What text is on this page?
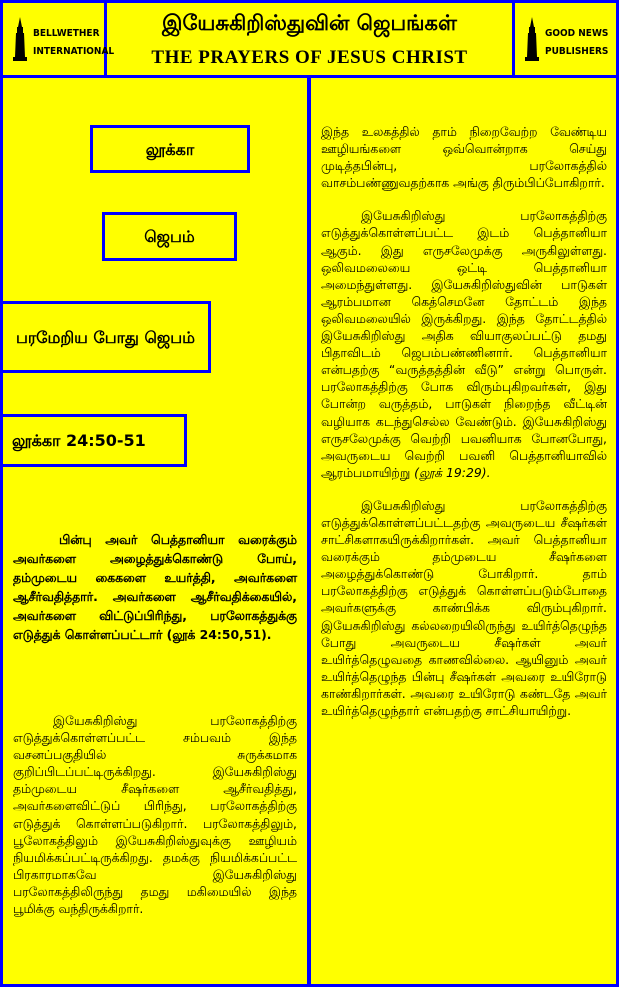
BELLWETHER
INTERNATIONAL
இயேசுகிறிஸ்துவின் ஜெபங்கள்
THE PRAYERS OF JESUS CHRIST
GOOD NEWS
PUBLISHERS
லூக்கா
ஜெபம்
பரமேறிய போது ஜெபம்
லூக்கா 24:50-51
பின்பு அவர் பெத்தானியா வரைக்கும் அவர்களை அழைத்துக்கொண்டு போய், தம்முடைய கைகளை உயர்த்தி, அவர்களை ஆசீர்வதித்தார். அவர்களை ஆசீர்வதிக்கையில், அவர்களை விட்டுப்பிரிந்து, பரலோகத்துக்கு எடுத்துக் கொள்ளப்பட்டார் (லூக் 24:50,51).
இயேசுகிறிஸ்து பரலோகத்திற்கு எடுத்துக்கொள்ளப்பட்ட சம்பவம் இந்த வசனப்பகுதியில் சுருக்கமாக குறிப்பிடப்பட்டிருக்கிறது. இயேசுகிறிஸ்து தம்முடைய சீஷர்களை ஆசீர்வதித்து, அவர்களைவிட்டுப் பிரிந்து, பரலோகத்திற்கு எடுத்துக் கொள்ளப்படுகிறார். பரலோகத்திலும், பூலோகத்திலும் இயேசுகிறிஸ்துவுக்கு ஊழியம் நியமிக்கப்பட்டிருக்கிறது. தமக்கு நியமிக்கப்பட்ட பிரகாரமாகவே இயேசுகிறிஸ்து பரலோகத்திலிருந்து தமது மகிமையில் இந்த பூமிக்கு வந்திருக்கிறார்.

இந்த உலகத்தில் தாம் நிறைவேற்ற வேண்டிய ஊழியங்களை ஒவ்வொன்றாக செய்து முடித்தபின்பு, பரலோகத்தில் வாசம்பண்ணுவதற்காக அங்கு திரும்பிப்போகிறார்.

இயேசுகிறிஸ்து பரலோகத்திற்கு எடுத்துக்கொள்ளப்பட்ட இடம் பெத்தானியா ஆகும். இது எருசலேமுக்கு அருகிலுள்ளது. ஒலிவமலையை ஒட்டி பெத்தானியா அமைந்துள்ளது. இயேசுகிறிஸ்துவின் பாடுகள் ஆரம்பமான கெத்செமனே தோட்டம் இந்த ஒலிவமலையில் இருக்கிறது. இந்த தோட்டத்தில் இயேசுகிறிஸ்து அதிக வியாகுலப்பட்டு தமது பிதாவிடம் ஜெபம்பண்ணினார். பெத்தானியா என்பதற்கு “வருத்தத்தின் வீடு” என்று பொருள். பரலோகத்திற்கு போக விரும்புகிறவர்கள், இது போன்ற வருத்தம், பாடுகள் நிறைந்த வீட்டின் வழியாக கடந்துசெல்ல வேண்டும். இயேசுகிறிஸ்து எருசலேமுக்கு வெற்றி பவனியாக போனபோது, அவருடைய வெற்றி பவனி பெத்தானியாவில் ஆரம்பமாயிற்று (லூக் 19:29).

இயேசுகிறிஸ்து பரலோகத்திற்கு எடுத்துக்கொள்ளப்பட்டதற்கு அவருடைய சீஷர்கள் சாட்சிகளாகயிருக்கிறார்கள். அவர் பெத்தானியா வரைக்கும் தம்முடைய சீஷர்களை அழைத்துக்கொண்டு போகிறார். தாம் பரலோகத்திற்கு எடுத்துக் கொள்ளப்படும்போதை அவர்களுக்கு காண்பிக்க விரும்புகிறார். இயேசுகிறிஸ்து கல்லறையிலிருந்து உயிர்த்தெழுந்த போது அவருடைய சீஷர்கள் அவர் உயிர்த்தெழுவதை காணவில்லை. ஆயினும் அவர் உயிர்த்தெழுந்த பின்பு சீஷர்கள் அவரை உயிரோடு காண்கிறார்கள். அவரை உயிரோடு கண்டதே அவர் உயிர்த்தெழுந்தார் என்பதற்கு சாட்சியாயிற்று.
